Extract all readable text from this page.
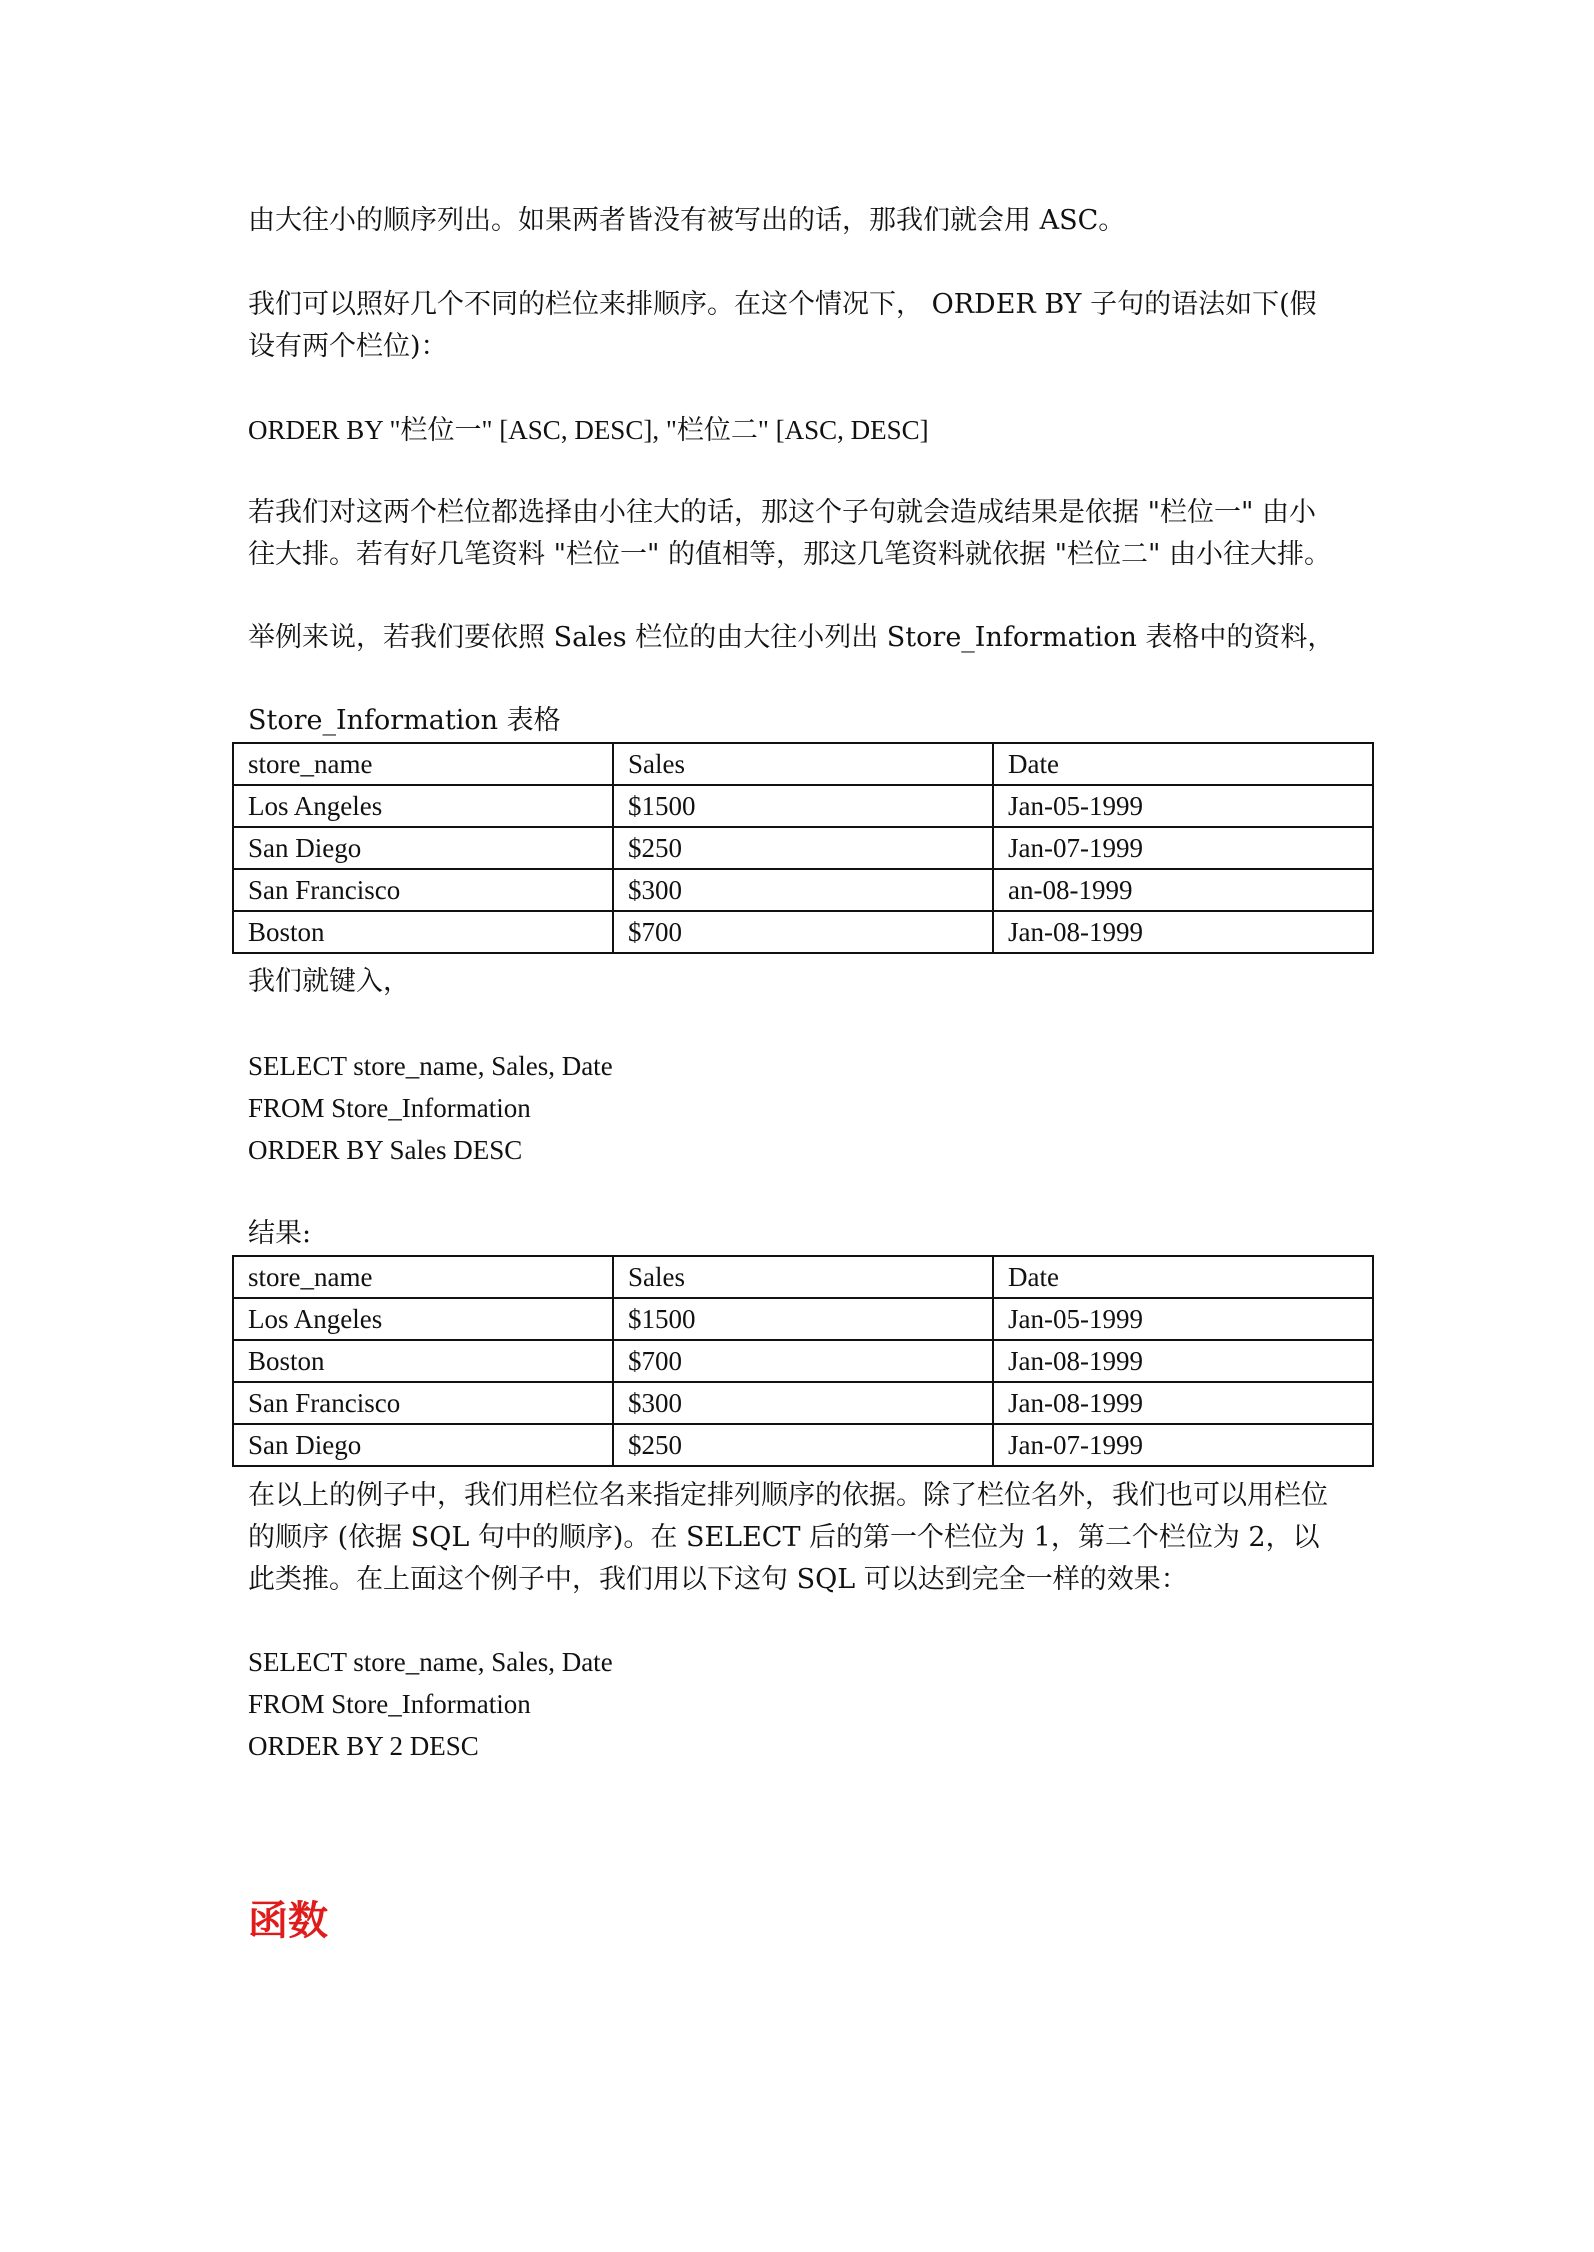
由大往小的顺序列出。如果两者皆没有被写出的话，那我们就会用 ASC。

我们可以照好几个不同的栏位来排顺序。在这个情况下， ORDER BY 子句的语法如下(假
设有两个栏位)：

ORDER BY "栏位一" [ASC, DESC], "栏位二" [ASC, DESC]

若我们对这两个栏位都选择由小往大的话，那这个子句就会造成结果是依据 "栏位一" 由小
往大排。若有好几笔资料 "栏位一" 的值相等，那这几笔资料就依据 "栏位二" 由小往大排。

举例来说，若我们要依照 Sales 栏位的由大往小列出 Store_Information 表格中的资料，

Store_Information 表格

store_name	Sales	Date
Los Angeles	$1500	Jan-05-1999
San Diego	$250	Jan-07-1999
San Francisco	$300	an-08-1999
Boston	$700	Jan-08-1999

我们就键入，

SELECT store_name, Sales, Date
FROM Store_Information
ORDER BY Sales DESC

结果:

store_name	Sales	Date
Los Angeles	$1500	Jan-05-1999
Boston	$700	Jan-08-1999
San Francisco	$300	Jan-08-1999
San Diego	$250	Jan-07-1999

在以上的例子中，我们用栏位名来指定排列顺序的依据。除了栏位名外，我们也可以用栏位
的顺序 (依据 SQL 句中的顺序)。在 SELECT 后的第一个栏位为 1，第二个栏位为 2，以
此类推。在上面这个例子中，我们用以下这句 SQL 可以达到完全一样的效果：

SELECT store_name, Sales, Date
FROM Store_Information
ORDER BY 2 DESC

函数
